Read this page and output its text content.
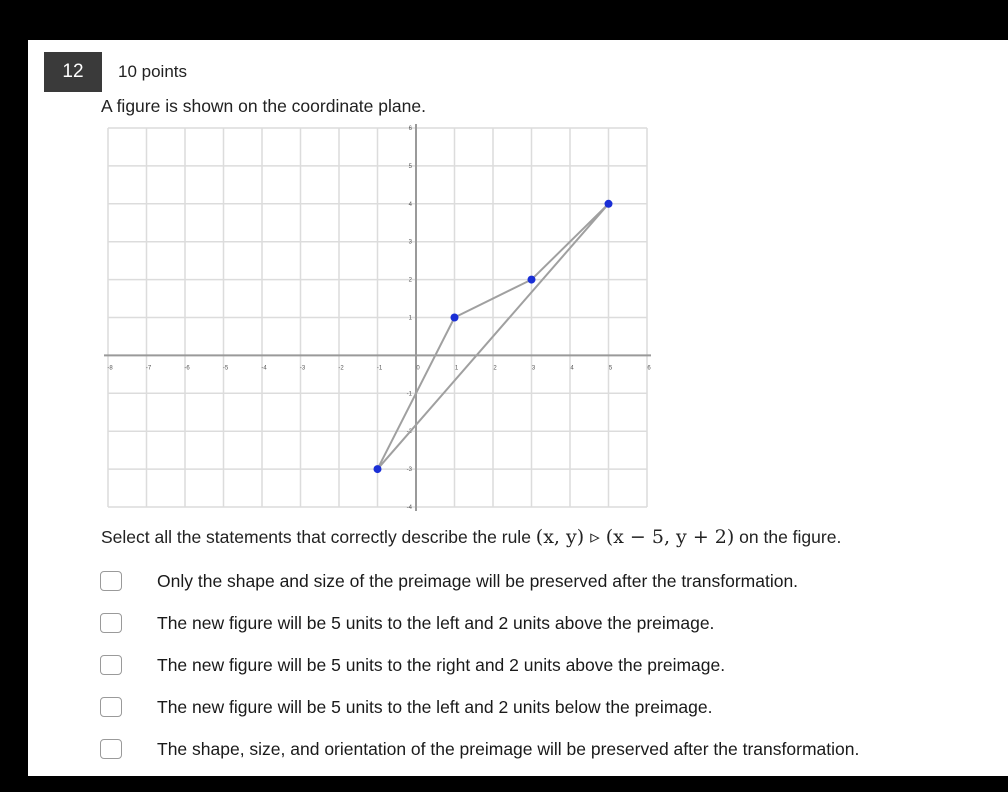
12	10 points
A figure is shown on the coordinate plane.
-8	-7	-6	-5	-4	-3	-2	-1	0	1	2	3	4	5	6
-4
-3
-2
-1
1
2
3
4
5
6
Select all the statements that correctly describe the rule (x, y) ▹ (x − 5, y + 2) on the figure.
Only the shape and size of the preimage will be preserved after the transformation.
The new figure will be 5 units to the left and 2 units above the preimage.
The new figure will be 5 units to the right and 2 units above the preimage.
The new figure will be 5 units to the left and 2 units below the preimage.
The shape, size, and orientation of the preimage will be preserved after the transformation.
